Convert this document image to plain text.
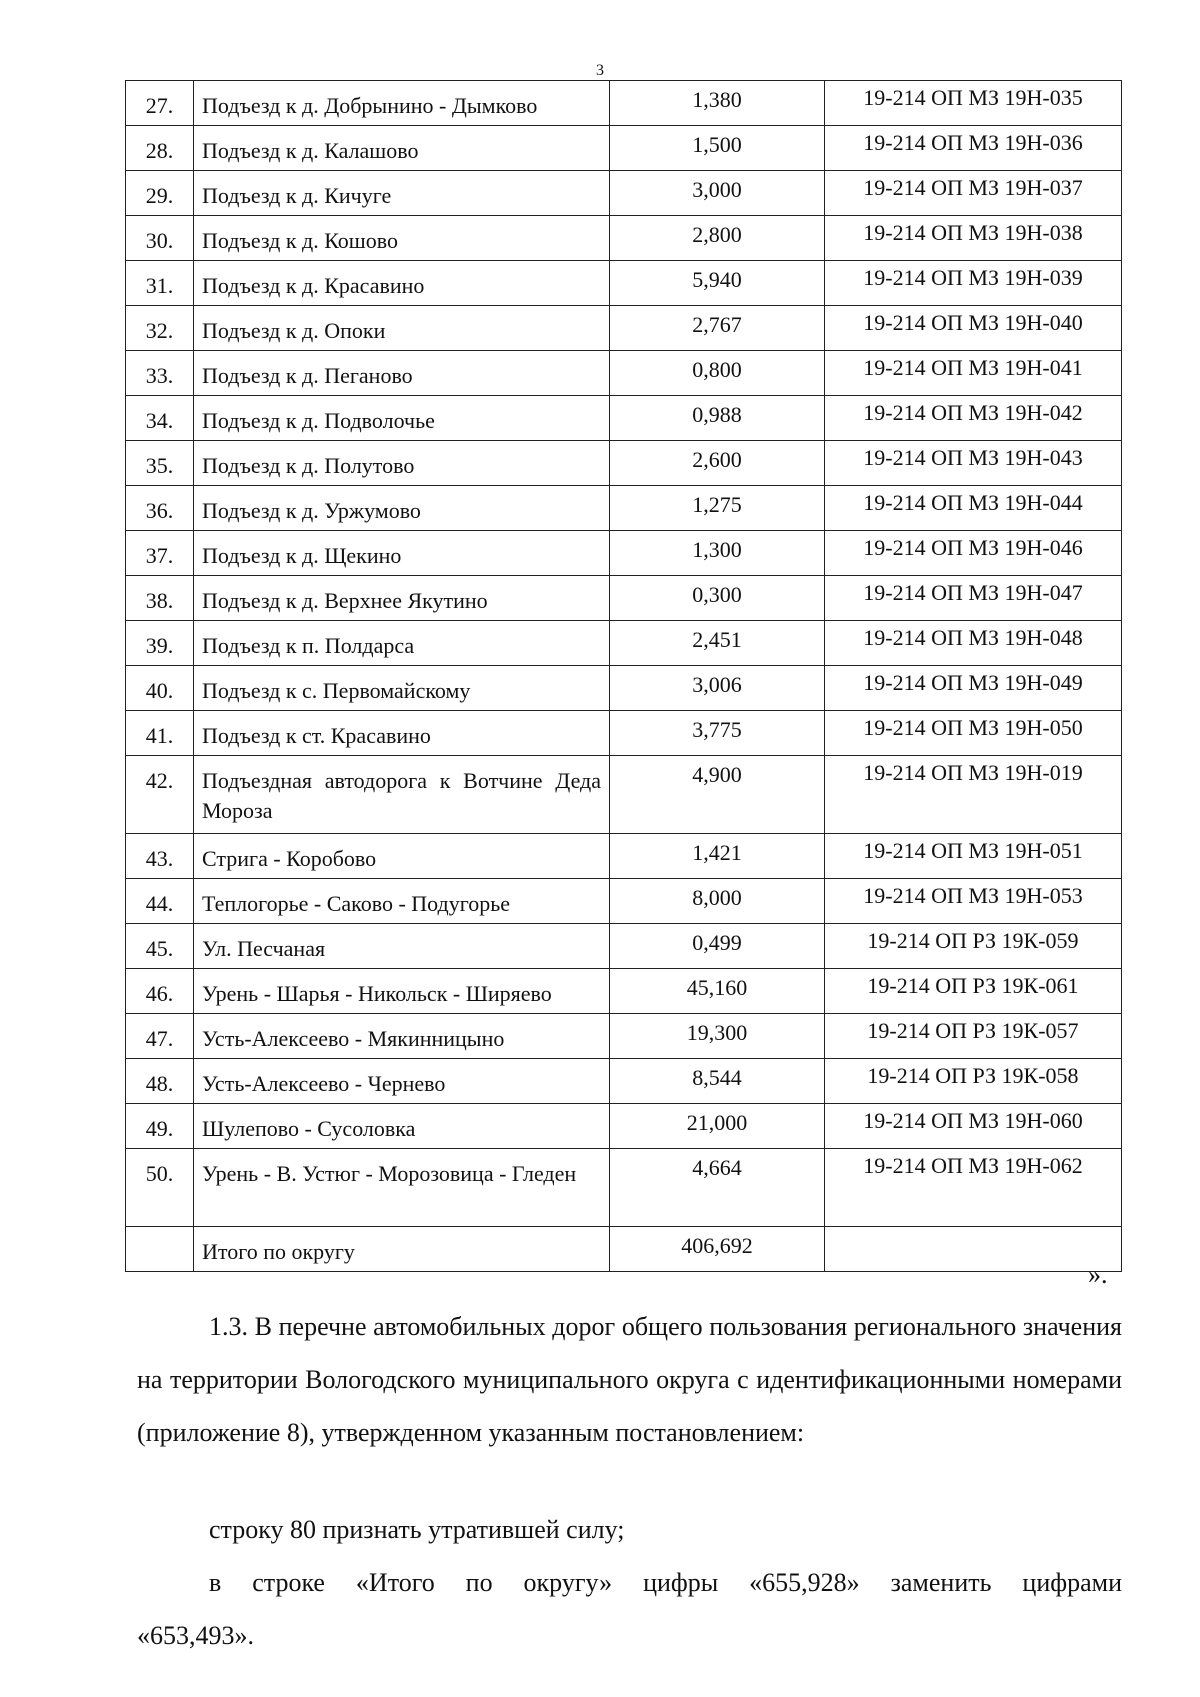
3
27.	Подъезд к д. Добрынино - Дымково	1,380	19-214 ОП МЗ 19Н-035
28.	Подъезд к д. Калашово	1,500	19-214 ОП МЗ 19Н-036
29.	Подъезд к д. Кичуге	3,000	19-214 ОП МЗ 19Н-037
30.	Подъезд к д. Кошово	2,800	19-214 ОП МЗ 19Н-038
31.	Подъезд к д. Красавино	5,940	19-214 ОП МЗ 19Н-039
32.	Подъезд к д. Опоки	2,767	19-214 ОП МЗ 19Н-040
33.	Подъезд к д. Пеганово	0,800	19-214 ОП МЗ 19Н-041
34.	Подъезд к д. Подволочье	0,988	19-214 ОП МЗ 19Н-042
35.	Подъезд к д. Полутово	2,600	19-214 ОП МЗ 19Н-043
36.	Подъезд к д. Уржумово	1,275	19-214 ОП МЗ 19Н-044
37.	Подъезд к д. Щекино	1,300	19-214 ОП МЗ 19Н-046
38.	Подъезд к д. Верхнее Якутино	0,300	19-214 ОП МЗ 19Н-047
39.	Подъезд к п. Полдарса	2,451	19-214 ОП МЗ 19Н-048
40.	Подъезд к с. Первомайскому	3,006	19-214 ОП МЗ 19Н-049
41.	Подъезд к ст. Красавино	3,775	19-214 ОП МЗ 19Н-050
42.	Подъездная автодорога к Вотчине Деда Мороза	4,900	19-214 ОП МЗ 19Н-019
43.	Стрига - Коробово	1,421	19-214 ОП МЗ 19Н-051
44.	Теплогорье - Саково - Подугорье	8,000	19-214 ОП МЗ 19Н-053
45.	Ул. Песчаная	0,499	19-214 ОП РЗ 19К-059
46.	Урень - Шарья - Никольск - Ширяево	45,160	19-214 ОП РЗ 19К-061
47.	Усть-Алексеево - Мякинницыно	19,300	19-214 ОП РЗ 19К-057
48.	Усть-Алексеево - Чернево	8,544	19-214 ОП РЗ 19К-058
49.	Шулепово - Сусоловка	21,000	19-214 ОП МЗ 19Н-060
50.	Урень - В. Устюг - Морозовица - Гледен	4,664	19-214 ОП МЗ 19Н-062
	Итого по округу	406,692	
».

1.3. В перечне автомобильных дорог общего пользования регионального значения на территории Вологодского муниципального округа с идентификационными номерами (приложение 8), утвержденном указанным постановлением:

строку 80 признать утратившей силу;

в строке «Итого по округу» цифры «655,928» заменить цифрами

«653,493».
